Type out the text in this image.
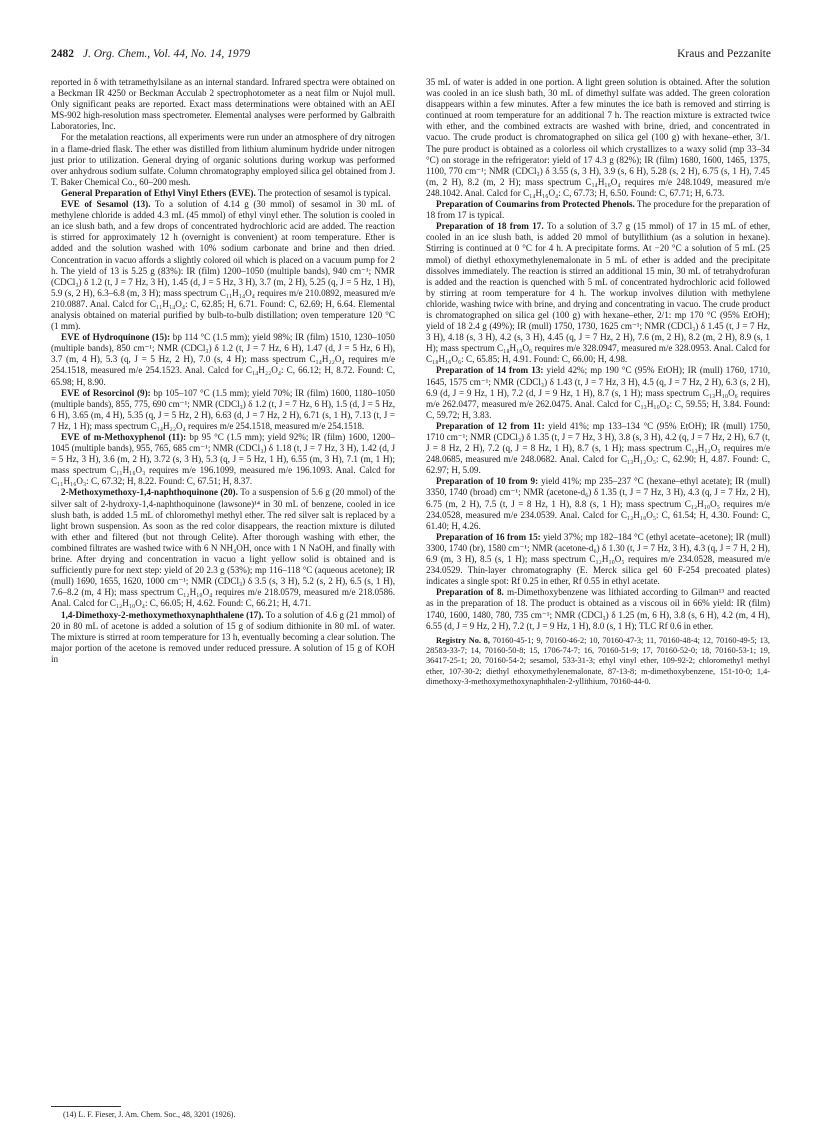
2482 J. Org. Chem., Vol. 44, No. 14, 1979	Kraus and Pezzanite

reported in δ with tetramethylsilane as an internal standard. Infrared spectra were obtained on a Beckman IR 4250 or Beckman Acculab 2 spectrophotometer as a neat film or Nujol mull. Only significant peaks are reported. Exact mass determinations were obtained with an AEI MS-902 high-resolution mass spectrometer. Elemental analyses were performed by Galbraith Laboratories, Inc.

For the metalation reactions, all experiments were run under an atmosphere of dry nitrogen in a flame-dried flask. The ether was distilled from lithium aluminum hydride under nitrogen just prior to utilization. General drying of organic solutions during workup was performed over anhydrous sodium sulfate. Column chromatography employed silica gel obtained from J. T. Baker Chemical Co., 60–200 mesh.

General Preparation of Ethyl Vinyl Ethers (EVE). The protection of sesamol is typical.

EVE of Sesamol (13). To a solution of 4.14 g (30 mmol) of sesamol in 30 mL of methylene chloride is added 4.3 mL (45 mmol) of ethyl vinyl ether. The solution is cooled in an ice slush bath, and a few drops of concentrated hydrochloric acid are added. The reaction is stirred for approximately 12 h (overnight is convenient) at room temperature. Ether is added and the solution washed with 10% sodium carbonate and brine and then dried. Concentration in vacuo affords a slightly colored oil which is placed on a vacuum pump for 2 h. The yield of 13 is 5.25 g (83%): IR (film) 1200–1050 (multiple bands), 940 cm⁻¹; NMR (CDCl₃) δ 1.2 (t, J = 7 Hz, 3 H), 1.45 (d, J = 5 Hz, 3 H), 3.7 (m, 2 H), 5.25 (q, J = 5 Hz, 1 H), 5.9 (s, 2 H), 6.3–6.8 (m, 3 H); mass spectrum C₁₁H₁₄O₄ requires m/e 210.0892, measured m/e 210.0887. Anal. Calcd for C₁₁H₁₄O₄: C, 62.85; H, 6.71. Found: C, 62.69; H, 6.64. Elemental analysis obtained on material purified by bulb-to-bulb distillation; oven temperature 120 °C (1 mm).

EVE of Hydroquinone (15): bp 114 °C (1.5 mm); yield 98%; IR (film) 1510, 1230–1050 (multiple bands), 850 cm⁻¹; NMR (CDCl₃) δ 1.2 (t, J = 7 Hz, 6 H), 1.47 (d, J = 5 Hz, 6 H), 3.7 (m, 4 H), 5.3 (q, J = 5 Hz, 2 H), 7.0 (s, 4 H); mass spectrum C₁₄H₂₂O₄ requires m/e 254.1518, measured m/e 254.1523. Anal. Calcd for C₁₄H₂₂O₄: C, 66.12; H, 8.72. Found: C, 65.98; H, 8.90.

EVE of Resorcinol (9): bp 105–107 °C (1.5 mm); yield 70%; IR (film) 1600, 1180–1050 (multiple bands), 855, 775, 690 cm⁻¹; NMR (CDCl₃) δ 1.2 (t, J = 7 Hz, 6 H), 1.5 (d, J = 5 Hz, 6 H), 3.65 (m, 4 H), 5.35 (q, J = 5 Hz, 2 H), 6.63 (d, J = 7 Hz, 2 H), 6.71 (s, 1 H), 7.13 (t, J = 7 Hz, 1 H); mass spectrum C₁₄H₂₂O₄ requires m/e 254.1518, measured m/e 254.1518.

EVE of m-Methoxyphenol (11): bp 95 °C (1.5 mm); yield 92%; IR (film) 1600, 1200–1045 (multiple bands), 955, 765, 685 cm⁻¹; NMR (CDCl₃) δ 1.18 (t, J = 7 Hz, 3 H), 1.42 (d, J = 5 Hz, 3 H), 3.6 (m, 2 H), 3.72 (s, 3 H), 5.3 (q, J = 5 Hz, 1 H), 6.55 (m, 3 H), 7.1 (m, 1 H); mass spectrum C₁₁H₁₆O₃ requires m/e 196.1099, measured m/e 196.1093. Anal. Calcd for C₁₁H₁₆O₃: C, 67.32; H, 8.22. Found: C, 67.51; H, 8.37.

2-Methoxymethoxy-1,4-naphthoquinone (20). To a suspension of 5.6 g (20 mmol) of the silver salt of 2-hydroxy-1,4-naphthoquinone (lawsone)¹⁴ in 30 mL of benzene, cooled in ice slush bath, is added 1.5 mL of chloromethyl methyl ether. The red silver salt is replaced by a light brown suspension. As soon as the red color disappears, the reaction mixture is diluted with ether and filtered (but not through Celite). After thorough washing with ether, the combined filtrates are washed twice with 6 N NH₄OH, once with 1 N NaOH, and finally with brine. After drying and concentration in vacuo a light yellow solid is obtained and is sufficiently pure for next step: yield of 20 2.3 g (53%); mp 116–118 °C (aqueous acetone); IR (mull) 1690, 1655, 1620, 1000 cm⁻¹; NMR (CDCl₃) δ 3.5 (s, 3 H), 5.2 (s, 2 H), 6.5 (s, 1 H), 7.6–8.2 (m, 4 H); mass spectrum C₁₂H₁₀O₄ requires m/e 218.0579, measured m/e 218.0586. Anal. Calcd for C₁₂H₁₀O₄: C, 66.05; H, 4.62. Found: C, 66.21; H, 4.71.

1,4-Dimethoxy-2-methoxymethoxynaphthalene (17). To a solution of 4.6 g (21 mmol) of 20 in 80 mL of acetone is added a solution of 15 g of sodium dithionite in 80 mL of water. The mixture is stirred at room temperature for 13 h, eventually becoming a clear solution. The major portion of the acetone is removed under reduced pressure. A solution of 15 g of KOH in

(14) L. F. Fieser, J. Am. Chem. Soc., 48, 3201 (1926).

35 mL of water is added in one portion. A light green solution is obtained. After the solution was cooled in an ice slush bath, 30 mL of dimethyl sulfate was added. The green coloration disappears within a few minutes. After a few minutes the ice bath is removed and stirring is continued at room temperature for an additional 7 h. The reaction mixture is extracted twice with ether, and the combined extracts are washed with brine, dried, and concentrated in vacuo. The crude product is chromatographed on silica gel (100 g) with hexane–ether, 3/1. The pure product is obtained as a colorless oil which crystallizes to a waxy solid (mp 33–34 °C) on storage in the refrigerator: yield of 17 4.3 g (82%); IR (film) 1680, 1600, 1465, 1375, 1100, 770 cm⁻¹; NMR (CDCl₃) δ 3.55 (s, 3 H), 3.9 (s, 6 H), 5.28 (s, 2 H), 6.75 (s, 1 H), 7.45 (m, 2 H), 8.2 (m, 2 H); mass spectrum C₁₄H₁₆O₄ requires m/e 248.1049, measured m/e 248.1042. Anal. Calcd for C₁₄H₁₆O₄: C, 67.73; H, 6.50. Found: C, 67.71; H, 6.73.

Preparation of Coumarins from Protected Phenols. The procedure for the preparation of 18 from 17 is typical.

Preparation of 18 from 17. To a solution of 3.7 g (15 mmol) of 17 in 15 mL of ether, cooled in an ice slush bath, is added 20 mmol of butyllithium (as a solution in hexane). Stirring is continued at 0 °C for 4 h. A precipitate forms. At −20 °C a solution of 5 mL (25 mmol) of diethyl ethoxymethylenemalonate in 5 mL of ether is added and the precipitate dissolves immediately. The reaction is stirred an additional 15 min, 30 mL of tetrahydrofuran is added and the reaction is quenched with 5 mL of concentrated hydrochloric acid followed by stirring at room temperature for 4 h. The workup involves dilution with methylene chloride, washing twice with brine, and drying and concentrating in vacuo. The crude product is chromatographed on silica gel (100 g) with hexane–ether, 2/1: mp 170 °C (95% EtOH); yield of 18 2.4 g (49%); IR (mull) 1750, 1730, 1625 cm⁻¹; NMR (CDCl₃) δ 1.45 (t, J = 7 Hz, 3 H), 4.18 (s, 3 H), 4.2 (s, 3 H), 4.45 (q, J = 7 Hz, 2 H), 7.6 (m, 2 H), 8.2 (m, 2 H), 8.9 (s, 1 H); mass spectrum C₁₈H₁₆O₆ requires m/e 328.0947, measured m/e 328.0953. Anal. Calcd for C₁₈H₁₆O₆: C, 65.85; H, 4.91. Found: C, 66.00; H, 4.98.

Preparation of 14 from 13: yield 42%; mp 190 °C (95% EtOH); IR (mull) 1760, 1710, 1645, 1575 cm⁻¹; NMR (CDCl₃) δ 1.43 (t, J = 7 Hz, 3 H), 4.5 (q, J = 7 Hz, 2 H), 6.3 (s, 2 H), 6.9 (d, J = 9 Hz, 1 H), 7.2 (d, J = 9 Hz, 1 H), 8.7 (s, 1 H); mass spectrum C₁₃H₁₀O₆ requires m/e 262.0477, measured m/e 262.0475. Anal. Calcd for C₁₃H₁₀O₆: C, 59.55; H, 3.84. Found: C, 59.72; H, 3.83.

Preparation of 12 from 11: yield 41%; mp 133–134 °C (95% EtOH); IR (mull) 1750, 1710 cm⁻¹; NMR (CDCl₃) δ 1.35 (t, J = 7 Hz, 3 H), 3.8 (s, 3 H), 4.2 (q, J = 7 Hz, 2 H), 6.7 (t, J = 8 Hz, 2 H), 7.2 (q, J = 8 Hz, 1 H), 8.7 (s, 1 H); mass spectrum C₁₃H₁₂O₅ requires m/e 248.0685, measured m/e 248.0682. Anal. Calcd for C₁₃H₁₂O₅: C, 62.90; H, 4.87. Found: C, 62.97; H, 5.09.

Preparation of 10 from 9: yield 41%; mp 235–237 °C (hexane–ethyl acetate); IR (mull) 3350, 1740 (broad) cm⁻¹; NMR (acetone-d₆) δ 1.35 (t, J = 7 Hz, 3 H), 4.3 (q, J = 7 Hz, 2 H), 6.75 (m, 2 H), 7.5 (t, J = 8 Hz, 1 H), 8.8 (s, 1 H); mass spectrum C₁₂H₁₀O₅ requires m/e 234.0528, measured m/e 234.0539. Anal. Calcd for C₁₂H₁₀O₅: C, 61.54; H, 4.30. Found: C, 61.40; H, 4.26.

Preparation of 16 from 15: yield 37%; mp 182–184 °C (ethyl acetate–acetone); IR (mull) 3300, 1740 (br), 1580 cm⁻¹; NMR (acetone-d₆) δ 1.30 (t, J = 7 Hz, 3 H), 4.3 (q, J = 7 H, 2 H), 6.9 (m, 3 H), 8.5 (s, 1 H); mass spectrum C₁₂H₁₀O₅ requires m/e 234.0528, measured m/e 234.0529. Thin-layer chromatography (E. Merck silica gel 60 F-254 precoated plates) indicates a single spot: Rf 0.25 in ether, Rf 0.55 in ethyl acetate.

Preparation of 8. m-Dimethoxybenzene was lithiated according to Gilman¹³ and reacted as in the preparation of 18. The product is obtained as a viscous oil in 66% yield: IR (film) 1740, 1600, 1480, 780, 735 cm⁻¹; NMR (CDCl₃) δ 1.25 (m, 6 H), 3.8 (s, 6 H), 4.2 (m, 4 H), 6.55 (d, J = 9 Hz, 2 H), 7.2 (t, J = 9 Hz, 1 H), 8.0 (s, 1 H); TLC Rf 0.6 in ether.

Registry No. 8, 70160-45-1; 9, 70160-46-2; 10, 70160-47-3; 11, 70160-48-4; 12, 70160-49-5; 13, 28583-33-7; 14, 70160-50-8; 15, 1706-74-7; 16, 70160-51-9; 17, 70160-52-0; 18, 70160-53-1; 19, 36417-25-1; 20, 70160-54-2; sesamol, 533-31-3; ethyl vinyl ether, 109-92-2; chloromethyl methyl ether, 107-30-2; diethyl ethoxymethylenemalonate, 87-13-8; m-dimethoxybenzene, 151-10-0; 1,4-dimethoxy-3-methoxymethoxynaphthalen-2-yllithium, 70160-44-0.
